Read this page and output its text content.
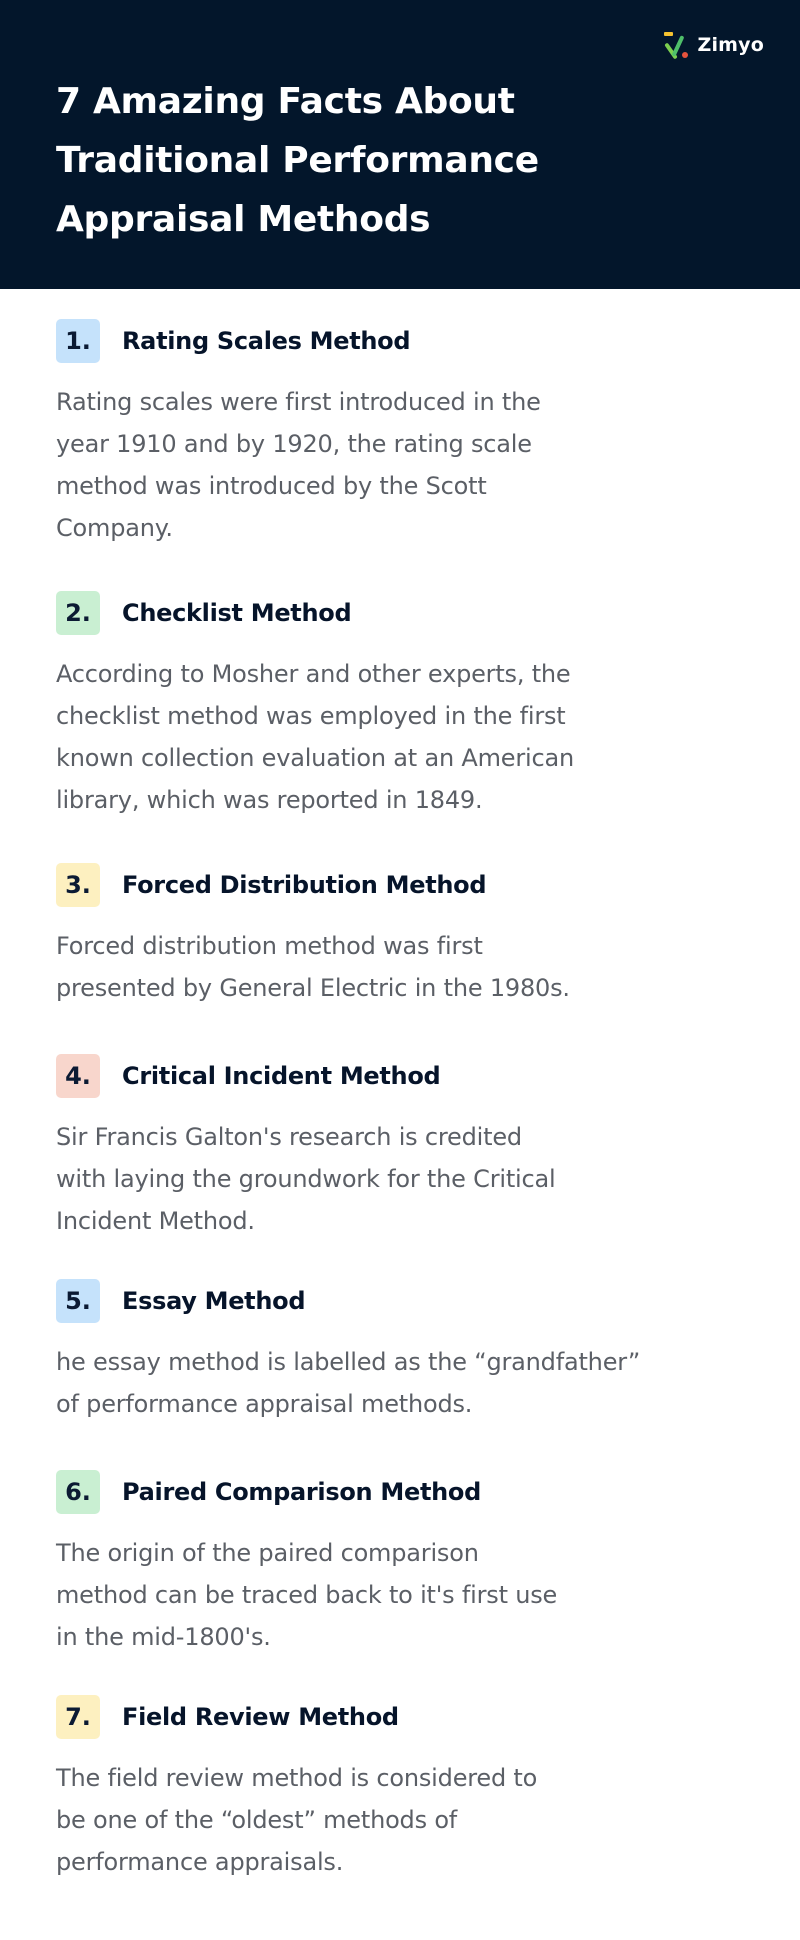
Zimyo
7 Amazing Facts About Traditional Performance Appraisal Methods
1.	Rating Scales Method

Rating scales were first introduced in the
year 1910 and by 1920, the rating scale
method was introduced by the Scott
Company.

2.	Checklist Method

According to Mosher and other experts, the
checklist method was employed in the first
known collection evaluation at an American
library, which was reported in 1849.

3.	Forced Distribution Method

Forced distribution method was first
presented by General Electric in the 1980s.

4.	Critical Incident Method

Sir Francis Galton's research is credited
with laying the groundwork for the Critical
Incident Method.

5.	Essay Method

he essay method is labelled as the “grandfather”
of performance appraisal methods.

6.	Paired Comparison Method

The origin of the paired comparison
method can be traced back to it's first use
in the mid-1800's.

7.	Field Review Method

The field review method is considered to
be one of the “oldest” methods of
performance appraisals.
